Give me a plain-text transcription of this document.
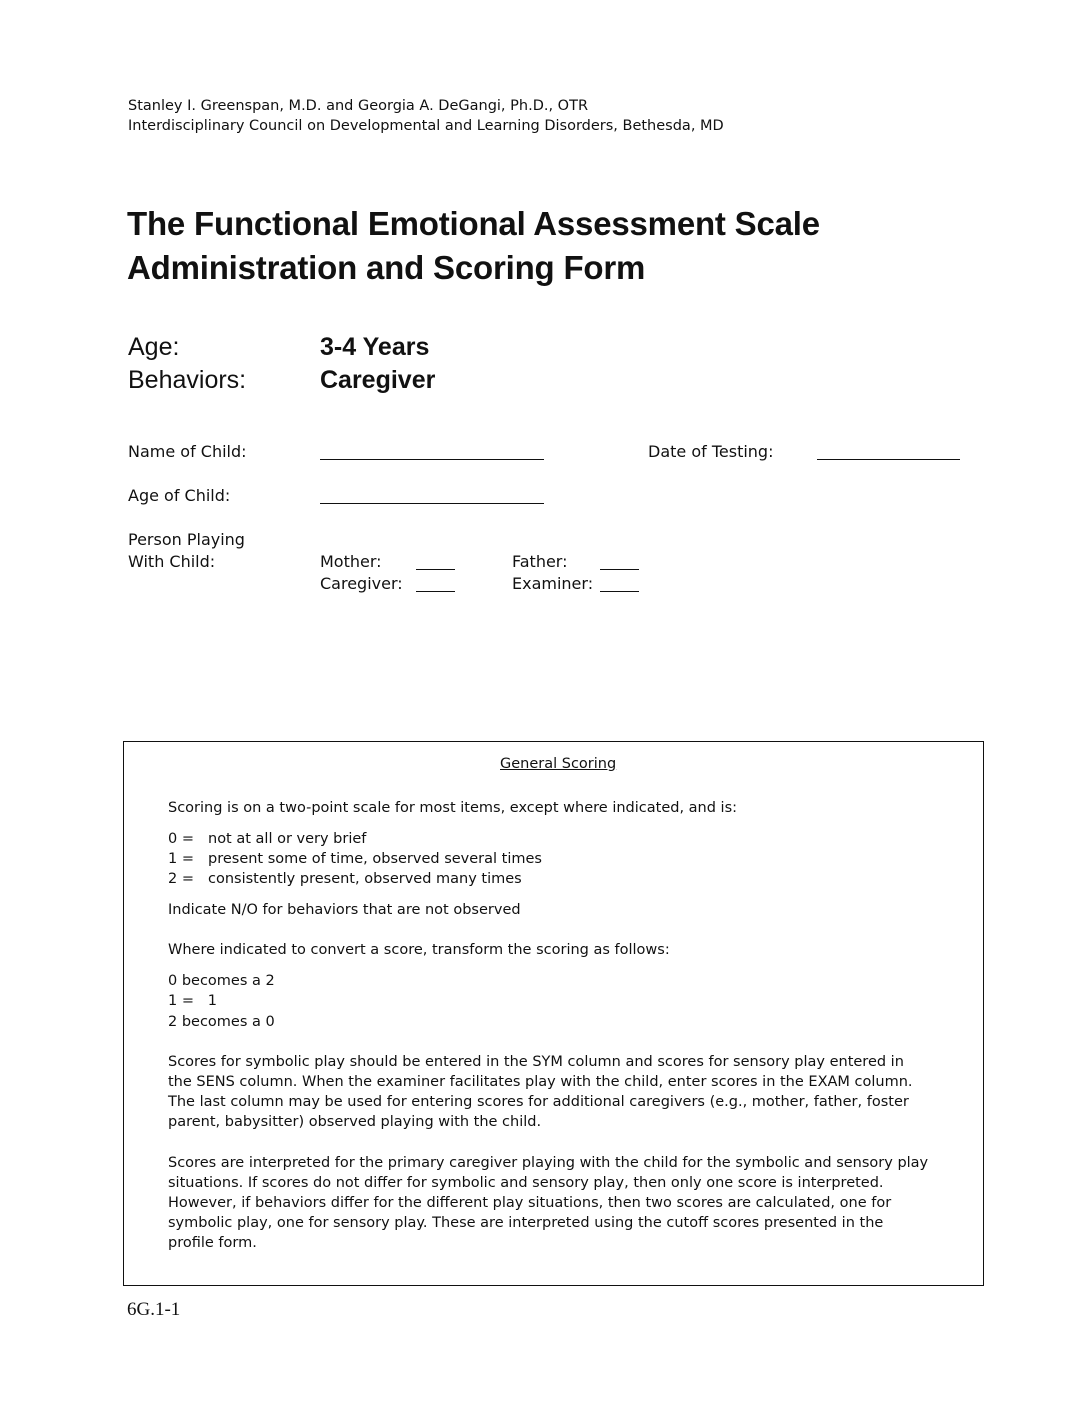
Stanley I. Greenspan, M.D. and Georgia A. DeGangi, Ph.D., OTR
Interdisciplinary Council on Developmental and Learning Disorders, Bethesda, MD
The Functional Emotional Assessment Scale
Administration and Scoring Form
Age:	3-4 Years
Behaviors:	Caregiver
Name of Child:	Date of Testing:
Age of Child:
Person Playing
With Child:	Mother:	Father:
Caregiver:	Examiner:
General Scoring
Scoring is on a two-point scale for most items, except where indicated, and is:
0 = not at all or very brief
1 = present some of time, observed several times
2 = consistently present, observed many times
Indicate N/O for behaviors that are not observed
Where indicated to convert a score, transform the scoring as follows:
0 becomes a 2
1 =   1
2 becomes a 0
Scores for symbolic play should be entered in the SYM column and scores for sensory play entered in
the SENS column. When the examiner facilitates play with the child, enter scores in the EXAM column.
The last column may be used for entering scores for additional caregivers (e.g., mother, father, foster
parent, babysitter) observed playing with the child.
Scores are interpreted for the primary caregiver playing with the child for the symbolic and sensory play
situations. If scores do not differ for symbolic and sensory play, then only one score is interpreted.
However, if behaviors differ for the different play situations, then two scores are calculated, one for
symbolic play, one for sensory play. These are interpreted using the cutoff scores presented in the
profile form.
6G.1-1
